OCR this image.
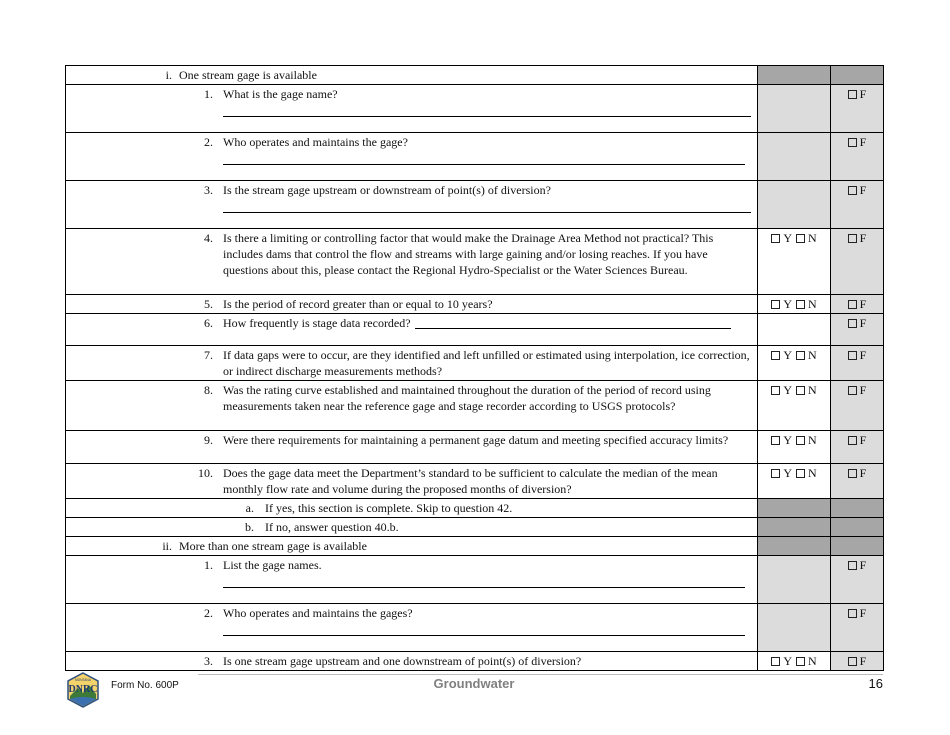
i. One stream gage is available		

1. What is the gage name?		F

2. Who operates and maintains the gage?		F

3. Is the stream gage upstream or downstream of point(s) of diversion?		F

4. Is there a limiting or controlling factor that would make the Drainage Area Method not practical? This includes dams that control the flow and streams with large gaining and/or losing reaches. If you have questions about this, please contact the Regional Hydro-Specialist or the Water Sciences Bureau.	Y N	F

5. Is the period of record greater than or equal to 10 years?	Y N	F

6. How frequently is stage data recorded?		F

7. If data gaps were to occur, are they identified and left unfilled or estimated using interpolation, ice correction, or indirect discharge measurements methods?	Y N	F

8. Was the rating curve established and maintained throughout the duration of the period of record using measurements taken near the reference gage and stage recorder according to USGS protocols?	Y N	F

9. Were there requirements for maintaining a permanent gage datum and meeting specified accuracy limits?	Y N	F

10. Does the gage data meet the Department’s standard to be sufficient to calculate the median of the mean monthly flow rate and volume during the proposed months of diversion?	Y N	F

a. If yes, this section is complete. Skip to question 42.		

b. If no, answer question 40.b.		

ii. More than one stream gage is available		

1. List the gage names.		F

2. Who operates and maintains the gages?		F

3. Is one stream gage upstream and one downstream of point(s) of diversion?	Y N	F
DNRC
MONTANA Form No. 600P	Groundwater	16
